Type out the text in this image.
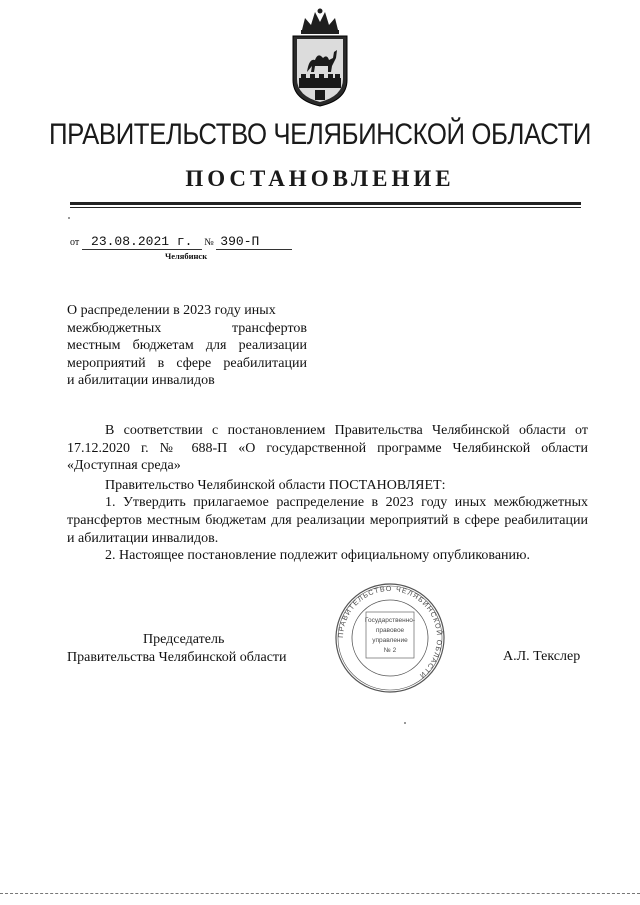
ПРАВИТЕЛЬСТВО ЧЕЛЯБИНСКОЙ ОБЛАСТИ
ПОСТАНОВЛЕНИЕ
от 23.08.2021 г. № 390-П
Челябинск
О распределении в 2023 году иных
межбюджетных трансфертов
местным бюджетам для реализации
мероприятий в сфере реабилитации
и абилитации инвалидов
В соответствии с постановлением Правительства Челябинской области от 17.12.2020 г. № 688-П «О государственной программе Челябинской области «Доступная среда»
Правительство Челябинской области ПОСТАНОВЛЯЕТ:
1. Утвердить прилагаемое распределение в 2023 году иных межбюджетных трансфертов местным бюджетам для реализации мероприятий в сфере реабилитации и абилитации инвалидов.
2. Настоящее постановление подлежит официальному опубликованию.
Председатель
Правительства Челябинской области	А.Л. Текслер
ПРАВИТЕЛЬСТВО ЧЕЛЯБИНСКОЙ ОБЛАСТИ
Государственно-
правовое
управление
№ 2
